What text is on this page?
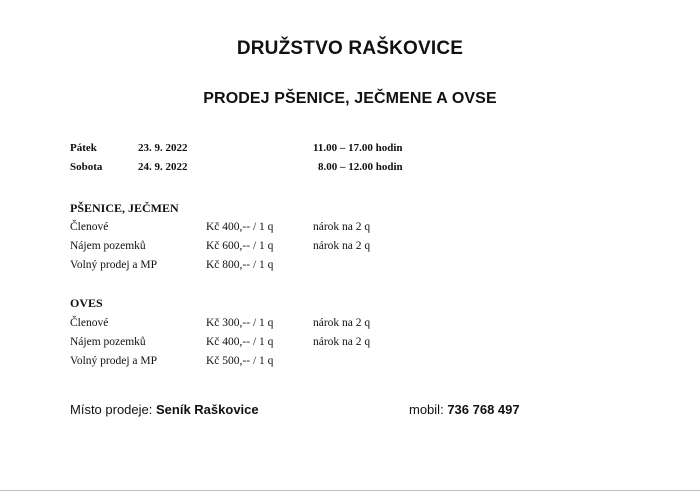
DRUŽSTVO RAŠKOVICE
PRODEJ PŠENICE, JEČMENE A OVSE
Pátek	23. 9. 2022	11.00 – 17.00 hodin
Sobota	24. 9. 2022	8.00 – 12.00 hodin
PŠENICE, JEČMEN
Členové	Kč 400,-- / 1 q	nárok na 2 q
Nájem pozemků	Kč 600,-- / 1 q	nárok na 2 q
Volný prodej a MP	Kč 800,-- / 1 q
OVES
Členové	Kč 300,-- / 1 q	nárok na 2 q
Nájem pozemků	Kč 400,-- / 1 q	nárok na 2 q
Volný prodej a MP	Kč 500,-- / 1 q
Místo prodeje: Seník Raškovice	mobil: 736 768 497
